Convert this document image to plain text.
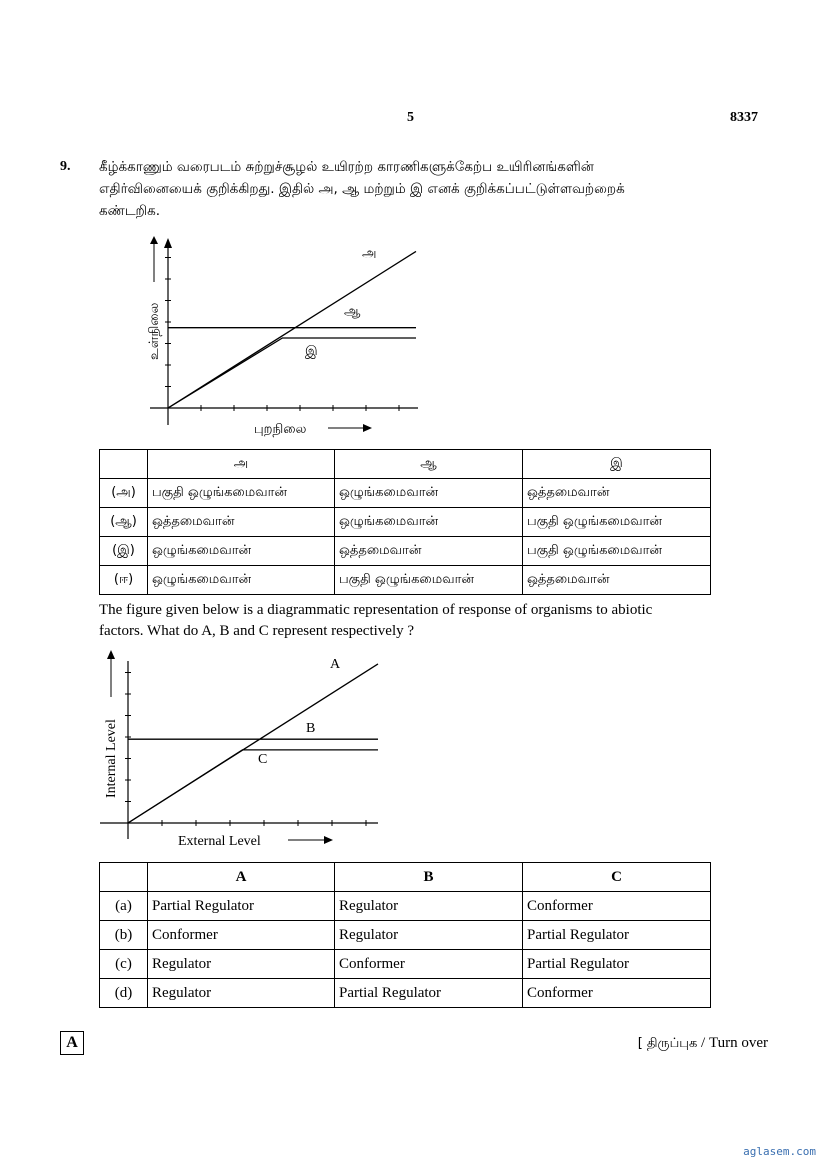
5	8337
9. கீழ்க்காணும் வரைபடம் சுற்றுச்சூழல் உயிரற்ற காரணிகளுக்கேற்ப உயிரினங்களின்
எதிர்வினையைக் குறிக்கிறது. இதில் அ, ஆ மற்றும் இ எனக் குறிக்கப்பட்டுள்ளவற்றைக்
கண்டறிக.
அ
ஆ
இ
உள்நிலை
புறநிலை
	அ	ஆ	இ
(அ)	பகுதி ஒழுங்கமைவான்	ஒழுங்கமைவான்	ஒத்தமைவான்
(ஆ)	ஒத்தமைவான்	ஒழுங்கமைவான்	பகுதி ஒழுங்கமைவான்
(இ)	ஒழுங்கமைவான்	ஒத்தமைவான்	பகுதி ஒழுங்கமைவான்
(ஈ)	ஒழுங்கமைவான்	பகுதி ஒழுங்கமைவான்	ஒத்தமைவான்
The figure given below is a diagrammatic representation of response of organisms to abiotic
factors. What do A, B and C represent respectively ?
A
B
C
Internal Level
External Level
	A	B	C
(a)	Partial Regulator	Regulator	Conformer
(b)	Conformer	Regulator	Partial Regulator
(c)	Regulator	Conformer	Partial Regulator
(d)	Regulator	Partial Regulator	Conformer
A	[ திருப்புக / Turn over
aglasem.com
